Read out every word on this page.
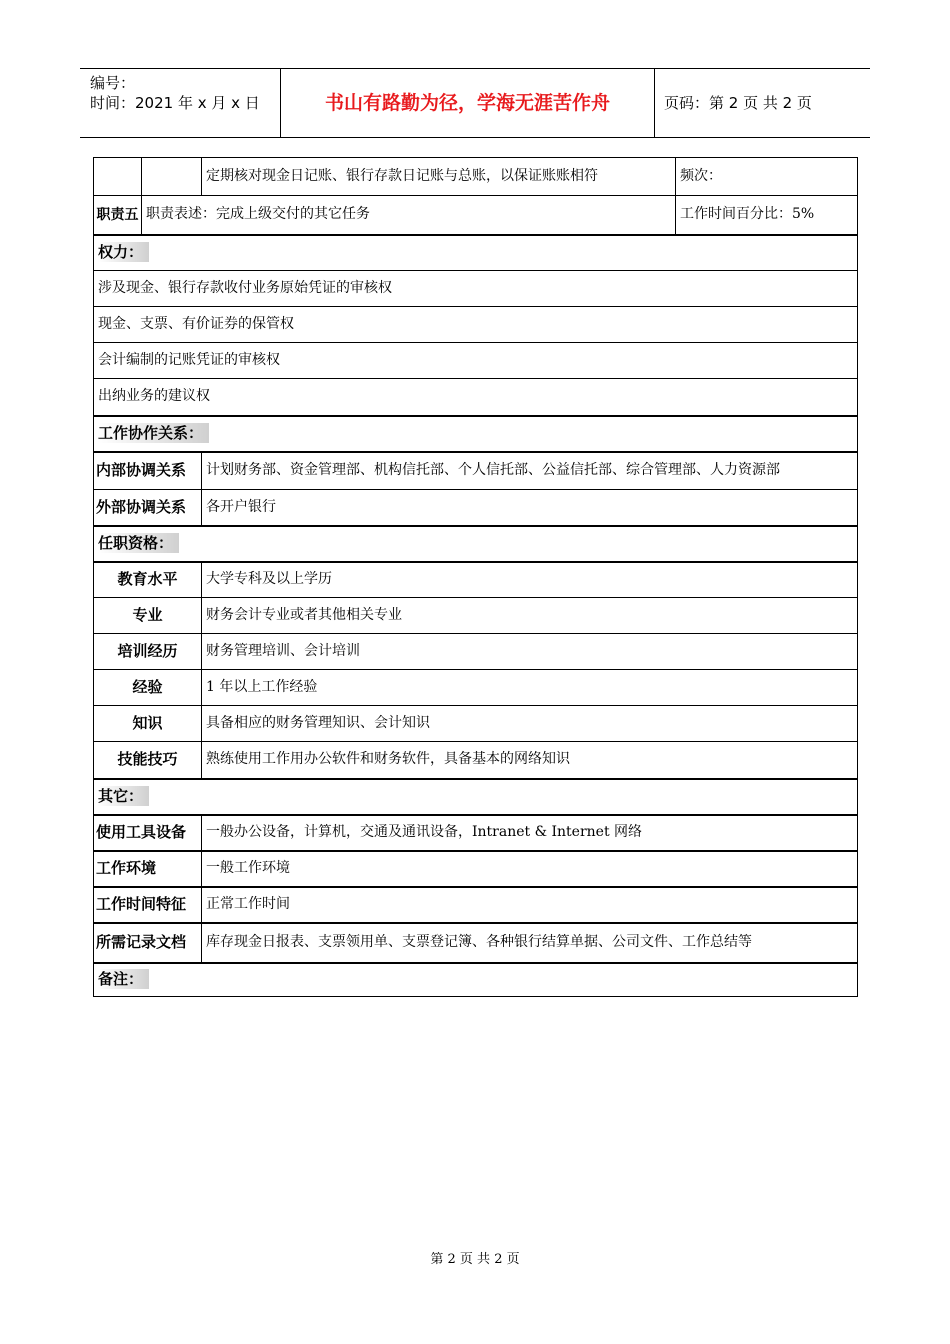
编号：
时间：2021 年 x 月 x 日	书山有路勤为径，学海无涯苦作舟	页码：第 2 页 共 2 页
		定期核对现金日记账、银行存款日记账与总账，以保证账账相符	频次：
职责五	职责表述：完成上级交付的其它任务		工作时间百分比：5%
权力：			
涉及现金、银行存款收付业务原始凭证的审核权			
现金、支票、有价证券的保管权			
会计编制的记账凭证的审核权			
出纳业务的建议权			
工作协作关系：			
内部协调关系		计划财务部、资金管理部、机构信托部、个人信托部、公益信托部、综合管理部、人力资源部	
外部协调关系		各开户银行	
任职资格：			
教育水平		大学专科及以上学历	
专业		财务会计专业或者其他相关专业	
培训经历		财务管理培训、会计培训	
经验		1 年以上工作经验	
知识		具备相应的财务管理知识、会计知识	
技能技巧		熟练使用工作用办公软件和财务软件，具备基本的网络知识	
其它：			
使用工具设备		一般办公设备，计算机，交通及通讯设备，Intranet & Internet 网络	
工作环境		一般工作环境	
工作时间特征		正常工作时间	
所需记录文档		库存现金日报表、支票领用单、支票登记簿、各种银行结算单据、公司文件、工作总结等	
备注：			
第 2 页 共 2 页
